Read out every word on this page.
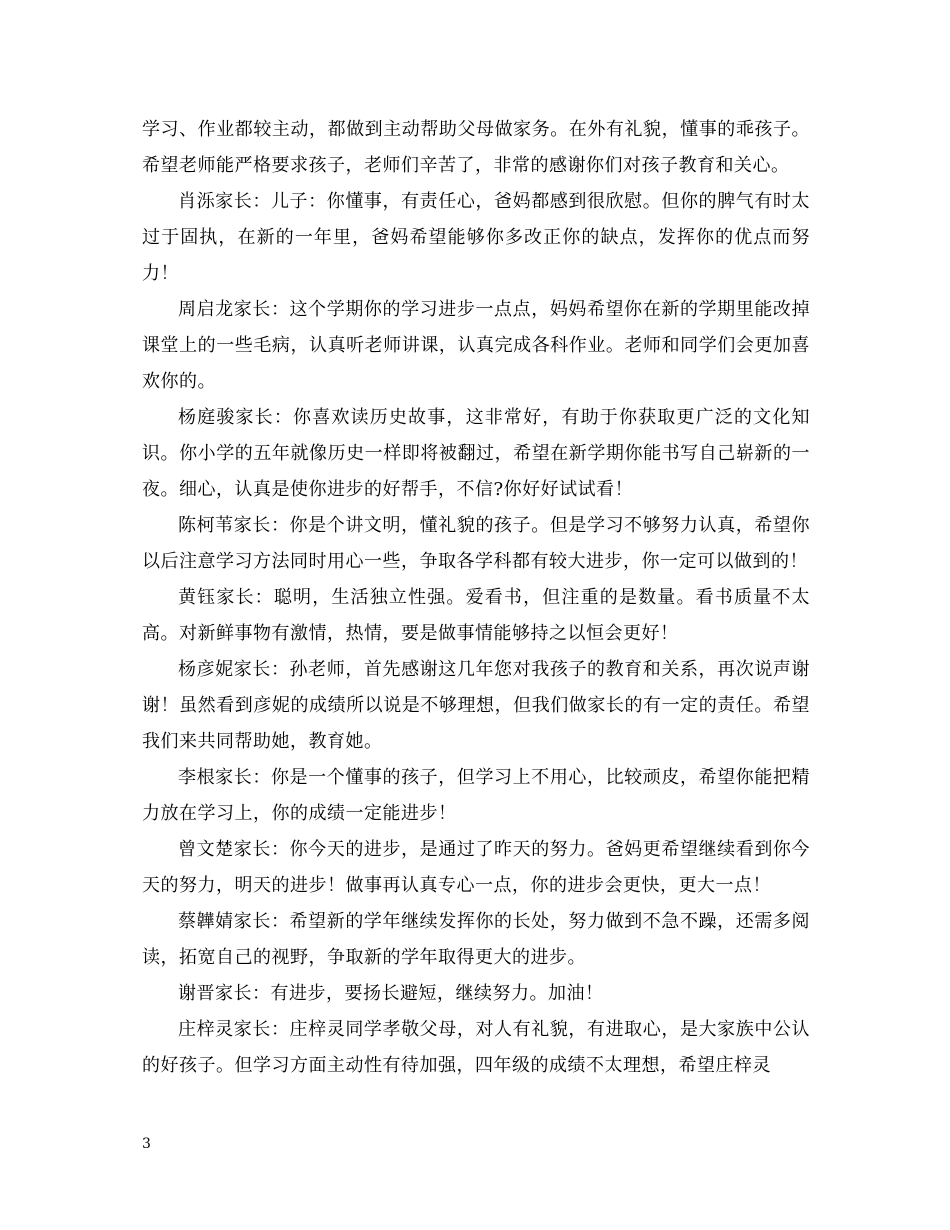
学习、作业都较主动，都做到主动帮助父母做家务。在外有礼貌，懂事的乖孩子。希望老师能严格要求孩子，老师们辛苦了，非常的感谢你们对孩子教育和关心。

肖泺家长：儿子：你懂事，有责任心，爸妈都感到很欣慰。但你的脾气有时太过于固执，在新的一年里，爸妈希望能够你多改正你的缺点，发挥你的优点而努力！

周启龙家长：这个学期你的学习进步一点点，妈妈希望你在新的学期里能改掉课堂上的一些毛病，认真听老师讲课，认真完成各科作业。老师和同学们会更加喜欢你的。

杨庭骏家长：你喜欢读历史故事，这非常好，有助于你获取更广泛的文化知识。你小学的五年就像历史一样即将被翻过，希望在新学期你能书写自己崭新的一夜。细心，认真是使你进步的好帮手，不信?你好好试试看！

陈柯苇家长：你是个讲文明，懂礼貌的孩子。但是学习不够努力认真，希望你以后注意学习方法同时用心一些，争取各学科都有较大进步，你一定可以做到的！

黄钰家长：聪明，生活独立性强。爱看书，但注重的是数量。看书质量不太高。对新鲜事物有激情，热情，要是做事情能够持之以恒会更好！

杨彦妮家长：孙老师，首先感谢这几年您对我孩子的教育和关系，再次说声谢谢！虽然看到彦妮的成绩所以说是不够理想，但我们做家长的有一定的责任。希望我们来共同帮助她，教育她。

李根家长：你是一个懂事的孩子，但学习上不用心，比较顽皮，希望你能把精力放在学习上，你的成绩一定能进步！

曾文楚家长：你今天的进步，是通过了昨天的努力。爸妈更希望继续看到你今天的努力，明天的进步！做事再认真专心一点，你的进步会更快，更大一点！

蔡韡婧家长：希望新的学年继续发挥你的长处，努力做到不急不躁，还需多阅读，拓宽自己的视野，争取新的学年取得更大的进步。

谢晋家长：有进步，要扬长避短，继续努力。加油！

庄梓灵家长：庄梓灵同学孝敬父母，对人有礼貌，有进取心，是大家族中公认的好孩子。但学习方面主动性有待加强，四年级的成绩不太理想，希望庄梓灵

3
